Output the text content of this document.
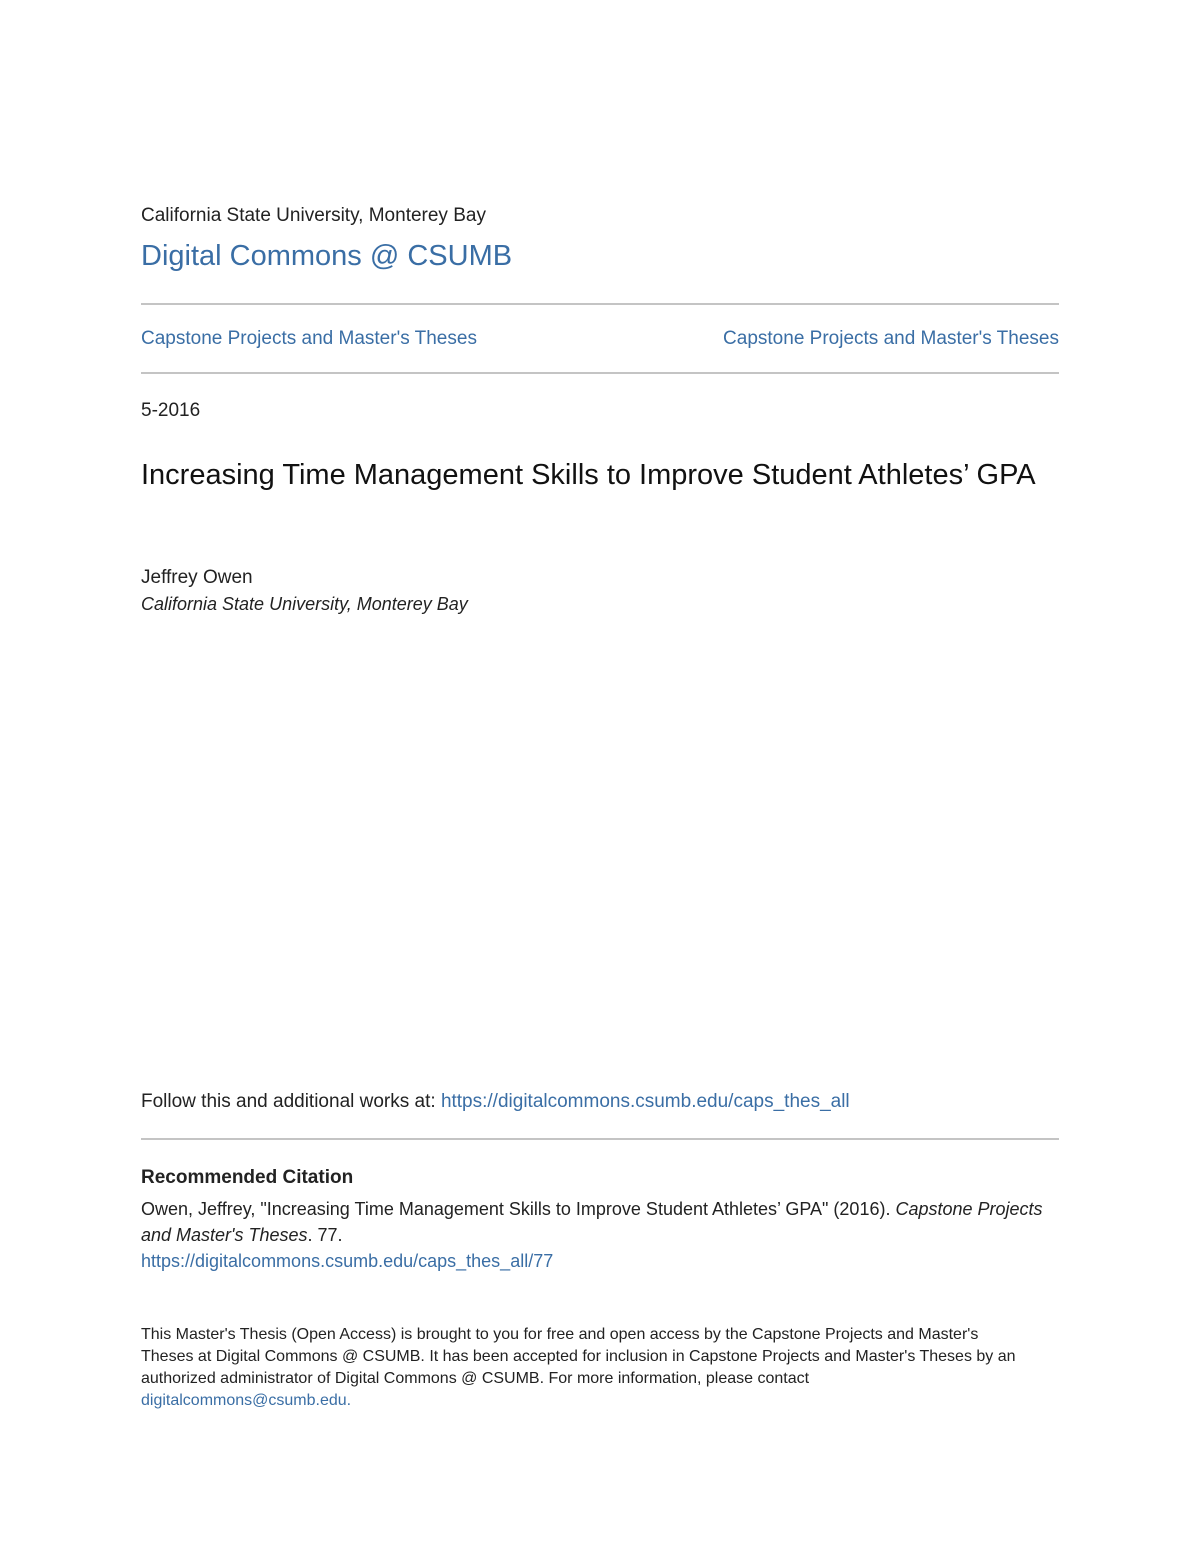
California State University, Monterey Bay
Digital Commons @ CSUMB
Capstone Projects and Master's Theses	Capstone Projects and Master's Theses
5-2016
Increasing Time Management Skills to Improve Student Athletes’ GPA
Jeffrey Owen
California State University, Monterey Bay
Follow this and additional works at: https://digitalcommons.csumb.edu/caps_thes_all
Recommended Citation
Owen, Jeffrey, "Increasing Time Management Skills to Improve Student Athletes’ GPA" (2016). Capstone Projects and Master's Theses. 77.
https://digitalcommons.csumb.edu/caps_thes_all/77
This Master's Thesis (Open Access) is brought to you for free and open access by the Capstone Projects and Master's Theses at Digital Commons @ CSUMB. It has been accepted for inclusion in Capstone Projects and Master's Theses by an authorized administrator of Digital Commons @ CSUMB. For more information, please contact digitalcommons@csumb.edu.
